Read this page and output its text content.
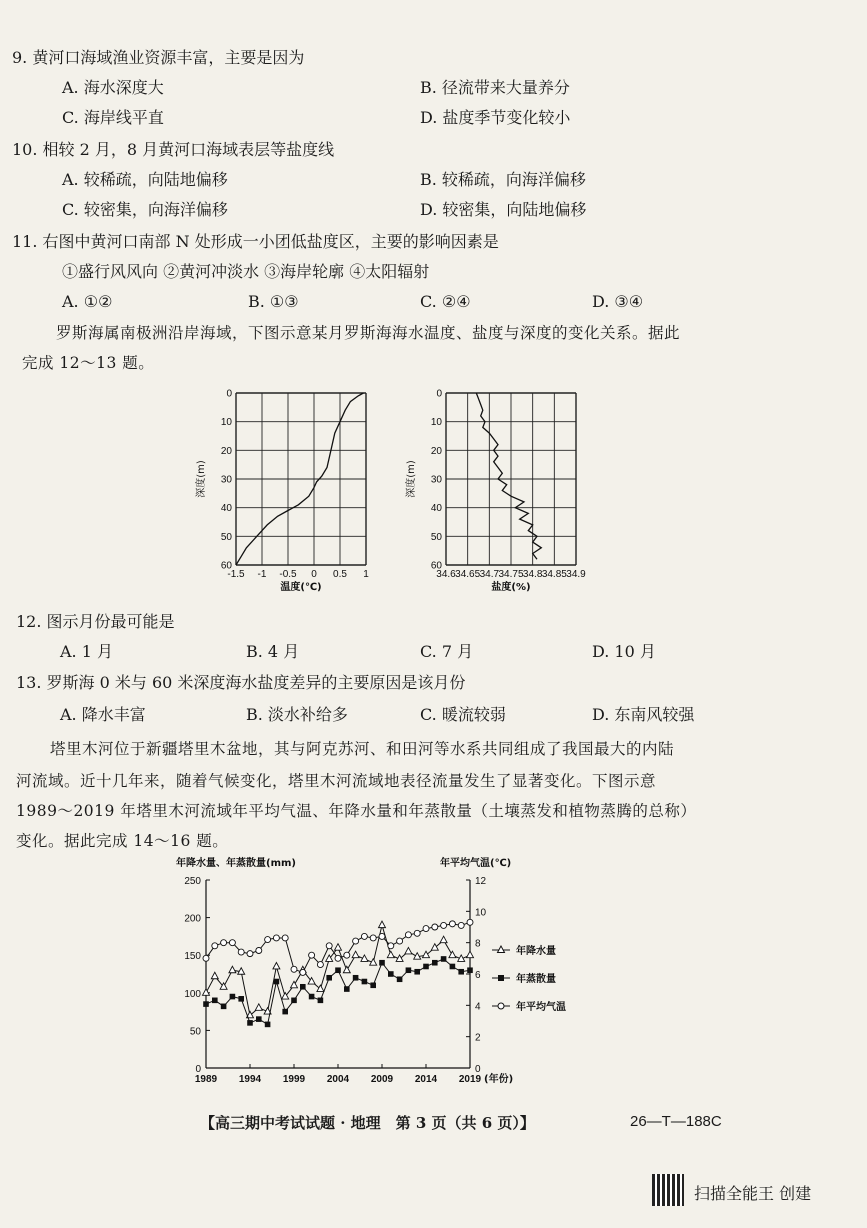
9. 黄河口海域渔业资源丰富，主要是因为
A. 海水深度大	B. 径流带来大量养分
C. 海岸线平直	D. 盐度季节变化较小
10. 相较 2 月，8 月黄河口海域表层等盐度线
A. 较稀疏，向陆地偏移	B. 较稀疏，向海洋偏移
C. 较密集，向海洋偏移	D. 较密集，向陆地偏移
11. 右图中黄河口南部 N 处形成一小团低盐度区，主要的影响因素是
①盛行风风向 ②黄河冲淡水 ③海岸轮廓 ④太阳辐射
A. ①②	B. ①③	C. ②④	D. ③④
罗斯海属南极洲沿岸海域，下图示意某月罗斯海海水温度、盐度与深度的变化关系。据此
完成 12～13 题。
-1.5 -1 -0.5 0 0.5 1
0
10
20
30
40
50
60
深度(m)
温度(℃)
34.6 34.65 34.7 34.75 34.8 34.85 34.9
0
10
20
30
40
50
60
深度(m)
盐度(%)
12. 图示月份最可能是
A. 1 月	B. 4 月	C. 7 月	D. 10 月
13. 罗斯海 0 米与 60 米深度海水盐度差异的主要原因是该月份
A. 降水丰富	B. 淡水补给多	C. 暖流较弱	D. 东南风较强
塔里木河位于新疆塔里木盆地，其与阿克苏河、和田河等水系共同组成了我国最大的内陆
河流域。近十几年来，随着气候变化，塔里木河流域地表径流量发生了显著变化。下图示意
1989～2019 年塔里木河流域年平均气温、年降水量和年蒸散量（土壤蒸发和植物蒸腾的总称）
变化。据此完成 14～16 题。
年降水量、年蒸散量(mm)	年平均气温(℃)
0
50
100
150
200
250
0
2
4
6
8
10
12
1989 1994 1999 2004 2009 2014 2019 (年份)
年降水量
年蒸散量
年平均气温
【高三期中考试试题 · 地理　第 3 页（共 6 页）】	26—T—188C
扫描全能王 创建
